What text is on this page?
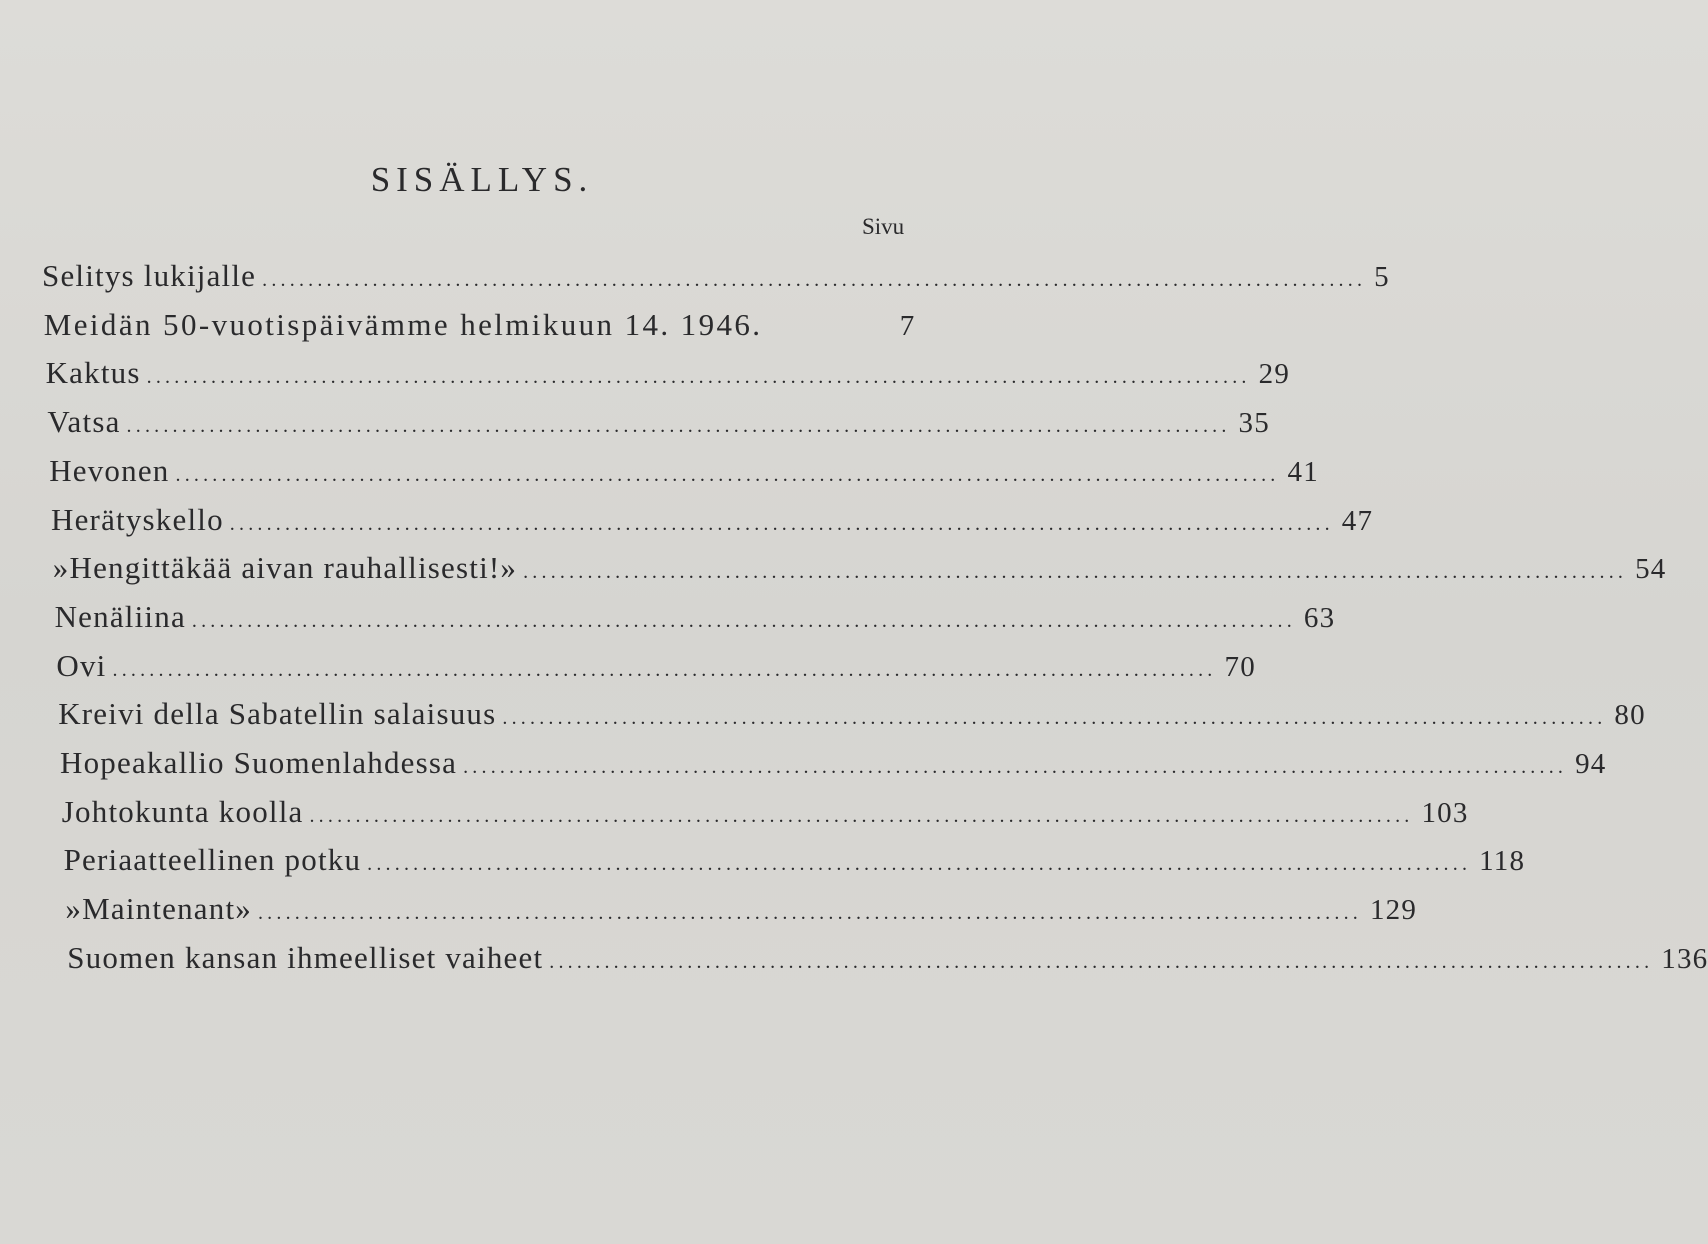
SISÄLLYS.
Sivu
Selitys lukijalle ........................................................................................................................ 5
Meidän 50-vuotispäivämme helmikuun 14. 1946.	7
Kaktus ........................................................................................................................ 29
Vatsa ........................................................................................................................ 35
Hevonen ........................................................................................................................ 41
Herätyskello ........................................................................................................................ 47
»Hengittäkää aivan rauhallisesti!» ........................................................................................................................ 54
Nenäliina ........................................................................................................................ 63
Ovi ........................................................................................................................ 70
Kreivi della Sabatellin salaisuus ........................................................................................................................ 80
Hopeakallio Suomenlahdessa ........................................................................................................................ 94
Johtokunta koolla ........................................................................................................................ 103
Periaatteellinen potku ........................................................................................................................ 118
»Maintenant» ........................................................................................................................ 129
Suomen kansan ihmeelliset vaiheet ........................................................................................................................ 136
